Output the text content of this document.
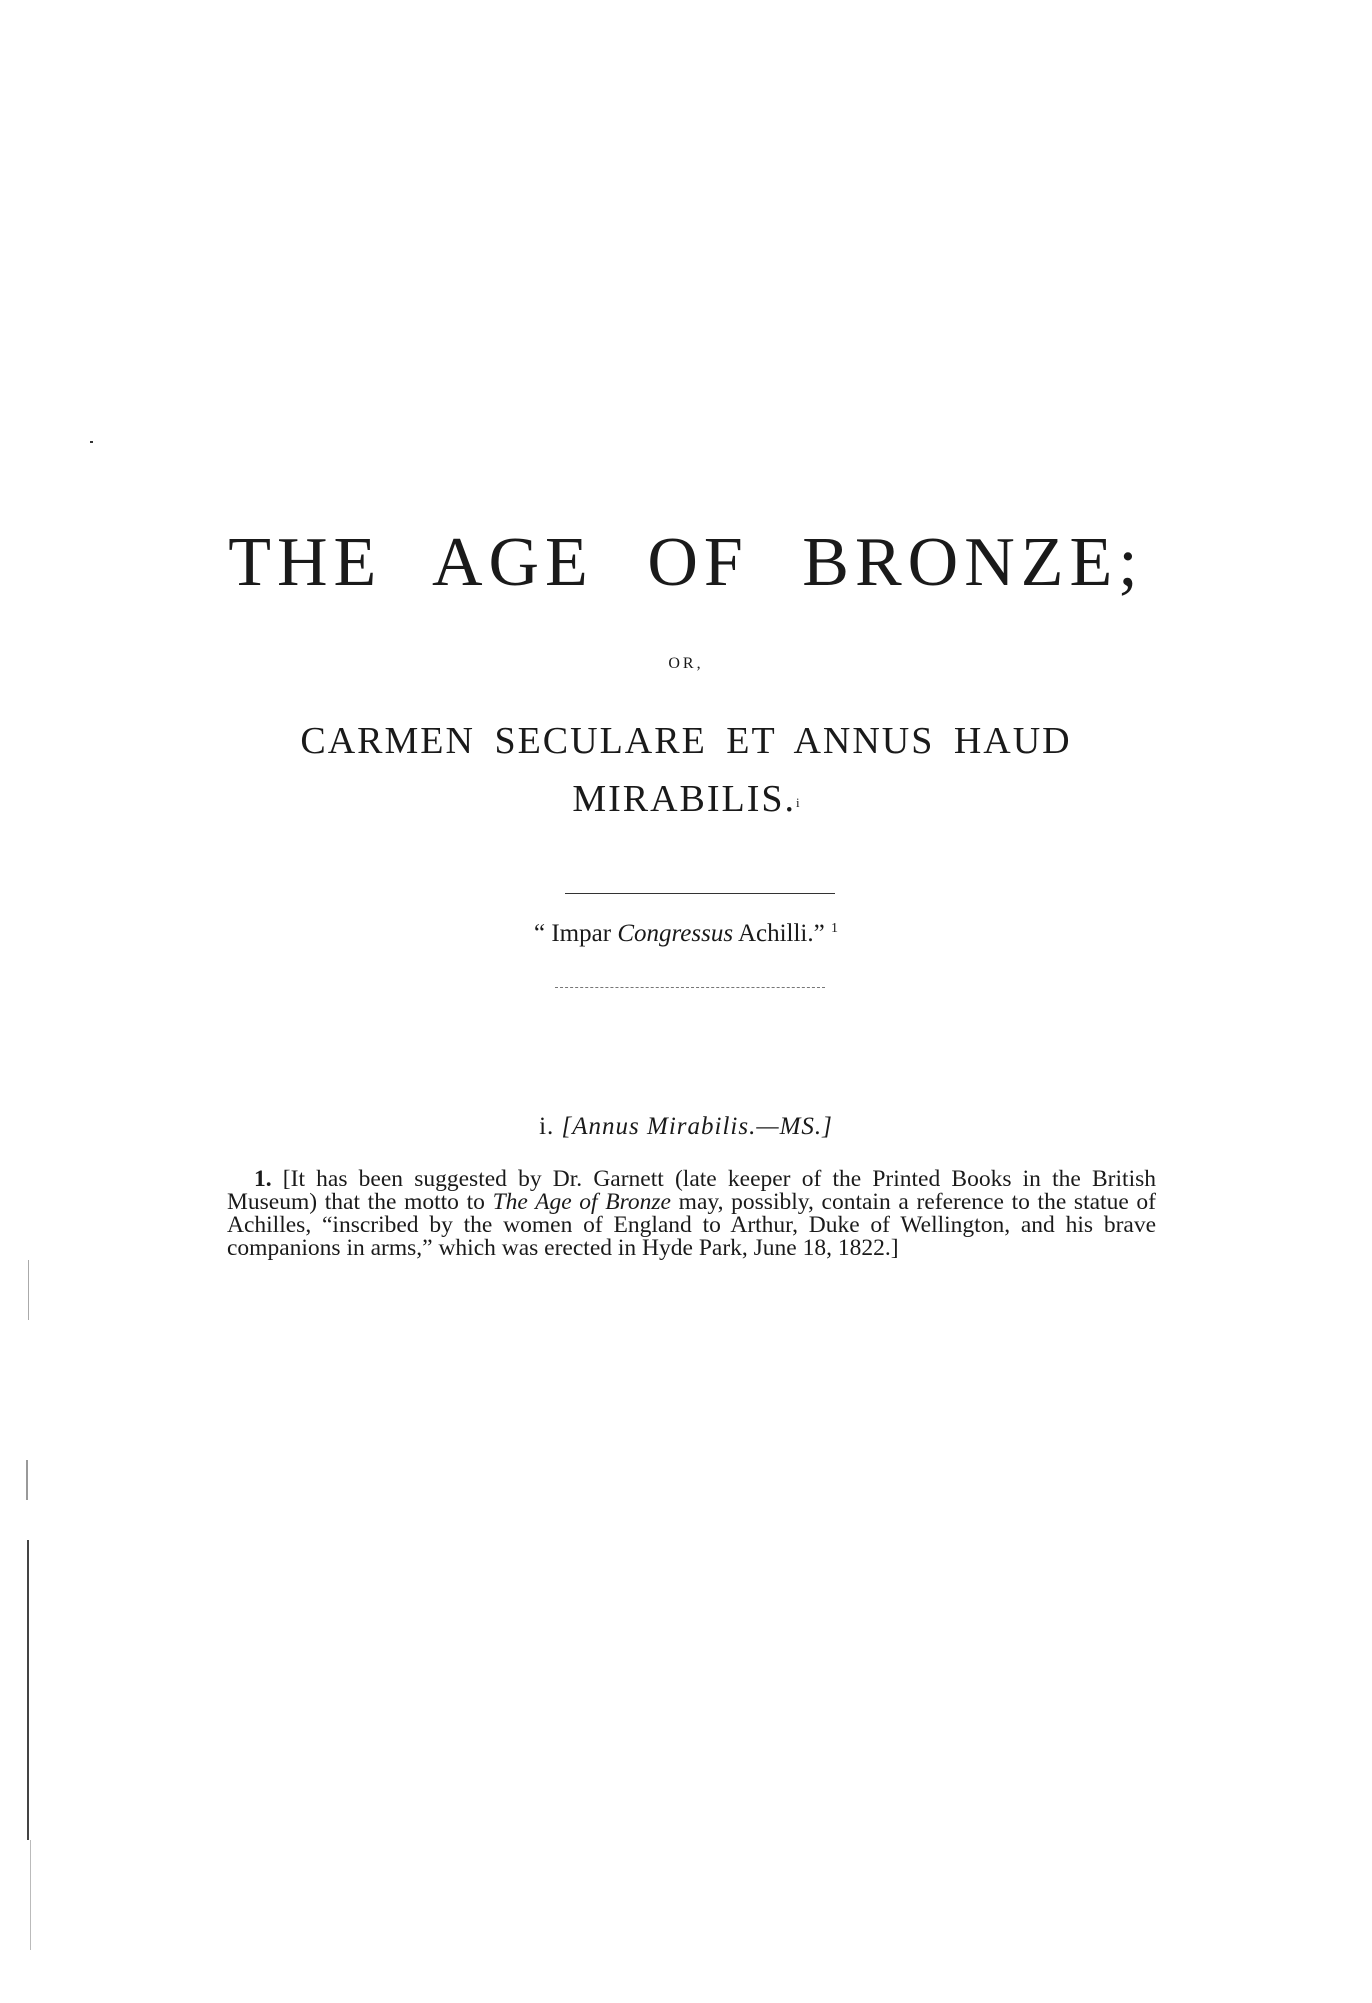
THE AGE OF BRONZE;
OR,
CARMEN SECULARE ET ANNUS HAUD
MIRABILIS.$^i$
“ Impar Congressus Achilli.” $^1$
i. [Annus Mirabilis.—MS.]
1. [It has been suggested by Dr. Garnett (late keeper of the Printed Books in the British Museum) that the motto to The Age of Bronze may, possibly, contain a reference to the statue of Achilles, “inscribed by the women of England to Arthur, Duke of Wellington, and his brave companions in arms,” which was erected in Hyde Park, June 18, 1822.]
